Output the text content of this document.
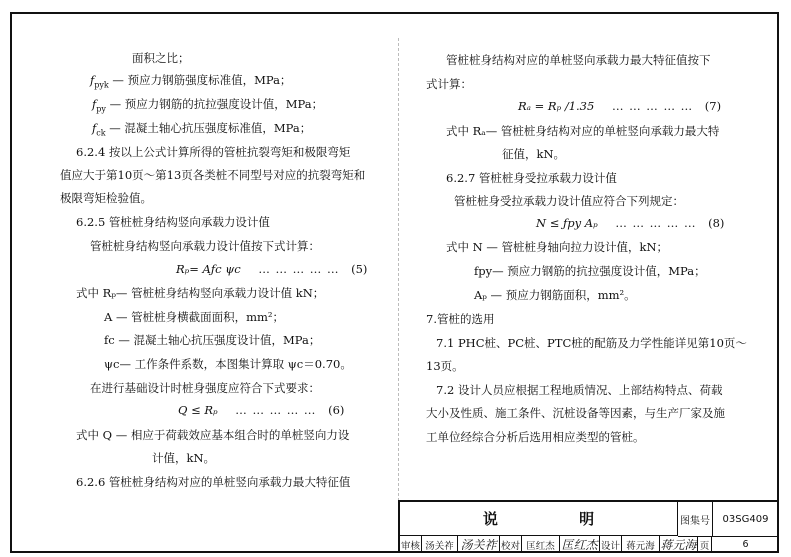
面积之比；
$f_{pyk}$ — 预应力钢筋强度标准值，MPa；
$f_{py}$ — 预应力钢筋的抗拉强度设计值，MPa；
$f_{ck}$ — 混凝土轴心抗压强度标准值，MPa；
6.2.4 按以上公式计算所得的管桩抗裂弯矩和极限弯矩
值应大于第10页～第13页各类桩不同型号对应的抗裂弯矩和
极限弯矩检验值。
6.2.5 管桩桩身结构竖向承载力设计值
管桩桩身结构竖向承载力设计值按下式计算：
Rₚ= Aƒc ψc … … … … … (5)
式中 Rₚ— 管桩桩身结构竖向承载力设计值 kN；
A — 管桩桩身横截面面积，mm²；
fc — 混凝土轴心抗压强度设计值，MPa；
ψc— 工作条件系数，本图集计算取 ψc＝0.70。
在进行基础设计时桩身强度应符合下式要求：
Q ≤ Rₚ … … … … … (6)
式中 Q — 相应于荷载效应基本组合时的单桩竖向力设
计值，kN。
6.2.6 管桩桩身结构对应的单桩竖向承载力最大特征值
管桩桩身结构对应的单桩竖向承载力最大特征值按下
式计算：
Rₐ = Rₚ /1.35 … … … … … (7)
式中 Rₐ— 管桩桩身结构对应的单桩竖向承载力最大特
征值，kN。
6.2.7 管桩桩身受拉承载力设计值
管桩桩身受拉承载力设计值应符合下列规定：
N ≤ ƒpy Aₚ … … … … … (8)
式中 N — 管桩桩身轴向拉力设计值，kN；
fpy— 预应力钢筋的抗拉强度设计值，MPa；
Aₚ — 预应力钢筋面积，mm²。
7.管桩的选用
7.1 PHC桩、PC桩、PTC桩的配筋及力学性能详见第10页～
13页。
7.2 设计人员应根据工程地质情况、上部结构特点、荷载
大小及性质、施工条件、沉桩设备等因素，与生产厂家及施
工单位经综合分析后选用相应类型的管桩。
说 明	图集号	03SG409
审核 汤关祚 汤关祚 校对 匡红杰 匡红杰 设计 蒋元海 蒋元海 页	6
